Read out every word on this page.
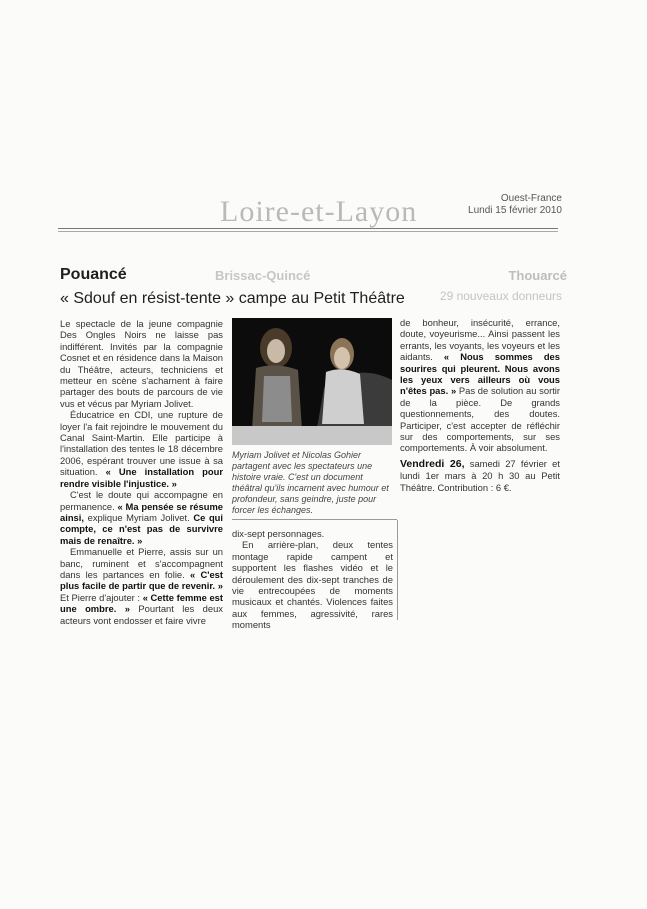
Loire-et-Layon	Ouest-France
Lundi 15 février 2010
Brissac-Quincé	Thouarcé
29 nouveaux donneurs
Pouancé
« Sdouf en résist-tente » campe au Petit Théâtre

Le spectacle de la jeune compagnie Des Ongles Noirs ne laisse pas indifférent. Invités par la compagnie Cosnet et en résidence dans la Maison du Théâtre, acteurs, techniciens et metteur en scène s'acharnent à faire partager des bouts de parcours de vie vus et vécus par Myriam Jolivet.

Éducatrice en CDI, une rupture de loyer l'a fait rejoindre le mouvement du Canal Saint-Martin. Elle participe à l'installation des tentes le 18 décembre 2006, espérant trouver une issue à sa situation. « Une installation pour rendre visible l'injustice. »

C'est le doute qui accompagne en permanence. « Ma pensée se résume ainsi, explique Myriam Jolivet. Ce qui compte, ce n'est pas de survivre mais de renaître. »

Emmanuelle et Pierre, assis sur un banc, ruminent et s'accompagnent dans les partances en folie. « C'est plus facile de partir que de revenir. » Et Pierre d'ajouter : « Cette femme est une ombre. » Pourtant les deux acteurs vont endosser et faire vivre

Myriam Jolivet et Nicolas Gohier partagent avec les spectateurs une histoire vraie. C'est un document théâtral qu'ils incarnent avec humour et profondeur, sans geindre, juste pour forcer les échanges.

dix-sept personnages.

En arrière-plan, deux tentes montage rapide campent et supportent les flashes vidéo et le déroulement des dix-sept tranches de vie entrecoupées de moments musicaux et chantés. Violences faites aux femmes, agressivité, rares moments

de bonheur, insécurité, errance, doute, voyeurisme... Ainsi passent les errants, les voyants, les voyeurs et les aidants. « Nous sommes des sourires qui pleurent. Nous avons les yeux vers ailleurs où vous n'êtes pas. » Pas de solution au sortir de la pièce. De grands questionnements, des doutes. Participer, c'est accepter de réfléchir sur des comportements, sur ses comportements. À voir absolument.

Vendredi 26, samedi 27 février et lundi 1er mars à 20 h 30 au Petit Théâtre. Contribution : 6 €.
